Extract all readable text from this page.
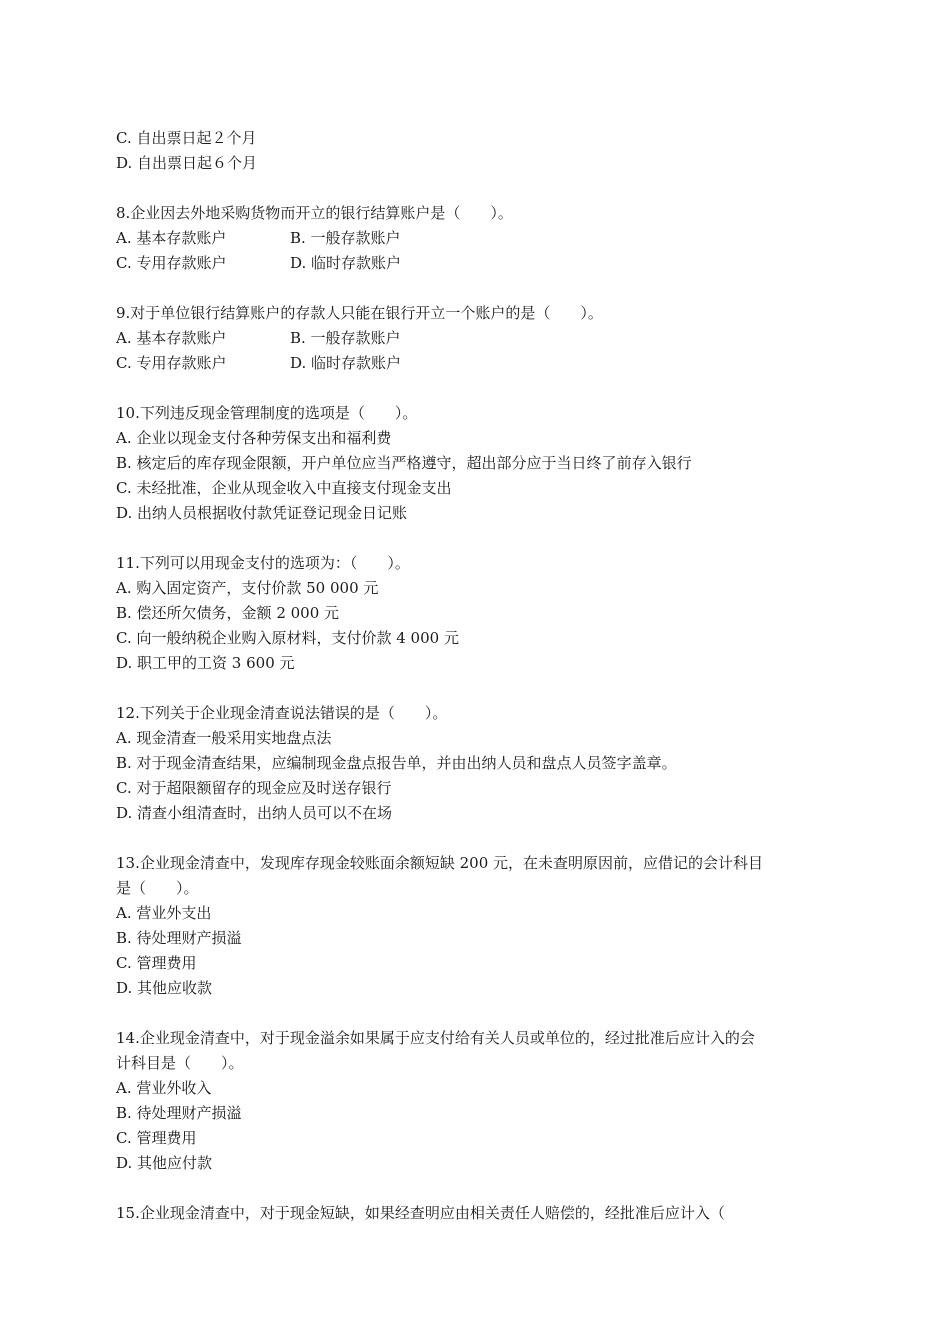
C. 自出票日起２个月
D. 自出票日起６个月
8.企业因去外地采购货物而开立的银行结算账户是（　　）。
A. 基本存款账户	B. 一般存款账户
C. 专用存款账户	D. 临时存款账户
9.对于单位银行结算账户的存款人只能在银行开立一个账户的是（　　）。
A. 基本存款账户	B. 一般存款账户
C. 专用存款账户	D. 临时存款账户
10.下列违反现金管理制度的选项是（　　）。
A. 企业以现金支付各种劳保支出和福利费
B. 核定后的库存现金限额，开户单位应当严格遵守，超出部分应于当日终了前存入银行
C. 未经批准，企业从现金收入中直接支付现金支出
D. 出纳人员根据收付款凭证登记现金日记账
11.下列可以用现金支付的选项为：（　　）。
A. 购入固定资产，支付价款 50 000 元
B. 偿还所欠债务，金额 2 000 元
C. 向一般纳税企业购入原材料，支付价款 4 000 元
D. 职工甲的工资 3 600 元
12.下列关于企业现金清查说法错误的是（　　）。
A. 现金清查一般采用实地盘点法
B. 对于现金清查结果，应编制现金盘点报告单，并由出纳人员和盘点人员签字盖章。
C. 对于超限额留存的现金应及时送存银行
D. 清查小组清查时，出纳人员可以不在场
13.企业现金清查中，发现库存现金较账面余额短缺 200 元，在未查明原因前，应借记的会计科目
是（　　）。
A. 营业外支出
B. 待处理财产损溢
C. 管理费用
D. 其他应收款
14.企业现金清查中，对于现金溢余如果属于应支付给有关人员或单位的，经过批准后应计入的会
计科目是（　　）。
A. 营业外收入
B. 待处理财产损溢
C. 管理费用
D. 其他应付款
15.企业现金清查中，对于现金短缺，如果经查明应由相关责任人赔偿的，经批准后应计入（
